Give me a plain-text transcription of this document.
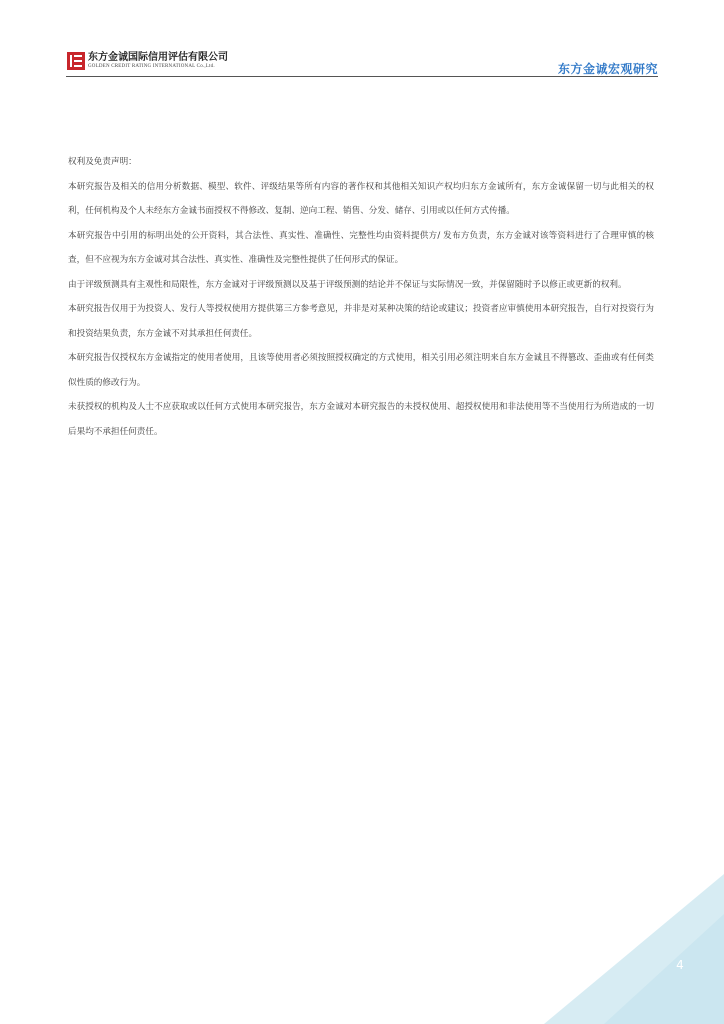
东方金诚国际信用评估有限公司
GOLDEN CREDIT RATING INTERNATIONAL Co.,Ltd.	东方金诚宏观研究

权利及免责声明：

本研究报告及相关的信用分析数据、模型、软件、评级结果等所有内容的著作权和其他相关知识产权均归东方金诚所有，东方金诚保留一切与此相关的权利，任何机构及个人未经东方金诚书面授权不得修改、复制、逆向工程、销售、分发、储存、引用或以任何方式传播。

本研究报告中引用的标明出处的公开资料，其合法性、真实性、准确性、完整性均由资料提供方/ 发布方负责，东方金诚对该等资料进行了合理审慎的核查，但不应视为东方金诚对其合法性、真实性、准确性及完整性提供了任何形式的保证。

由于评级预测具有主观性和局限性，东方金诚对于评级预测以及基于评级预测的结论并不保证与实际情况一致，并保留随时予以修正或更新的权利。

本研究报告仅用于为投资人、发行人等授权使用方提供第三方参考意见，并非是对某种决策的结论或建议；投资者应审慎使用本研究报告，自行对投资行为和投资结果负责，东方金诚不对其承担任何责任。

本研究报告仅授权东方金诚指定的使用者使用，且该等使用者必须按照授权确定的方式使用，相关引用必须注明来自东方金诚且不得篡改、歪曲或有任何类似性质的修改行为。

未获授权的机构及人士不应获取或以任何方式使用本研究报告，东方金诚对本研究报告的未授权使用、超授权使用和非法使用等不当使用行为所造成的一切后果均不承担任何责任。

4
